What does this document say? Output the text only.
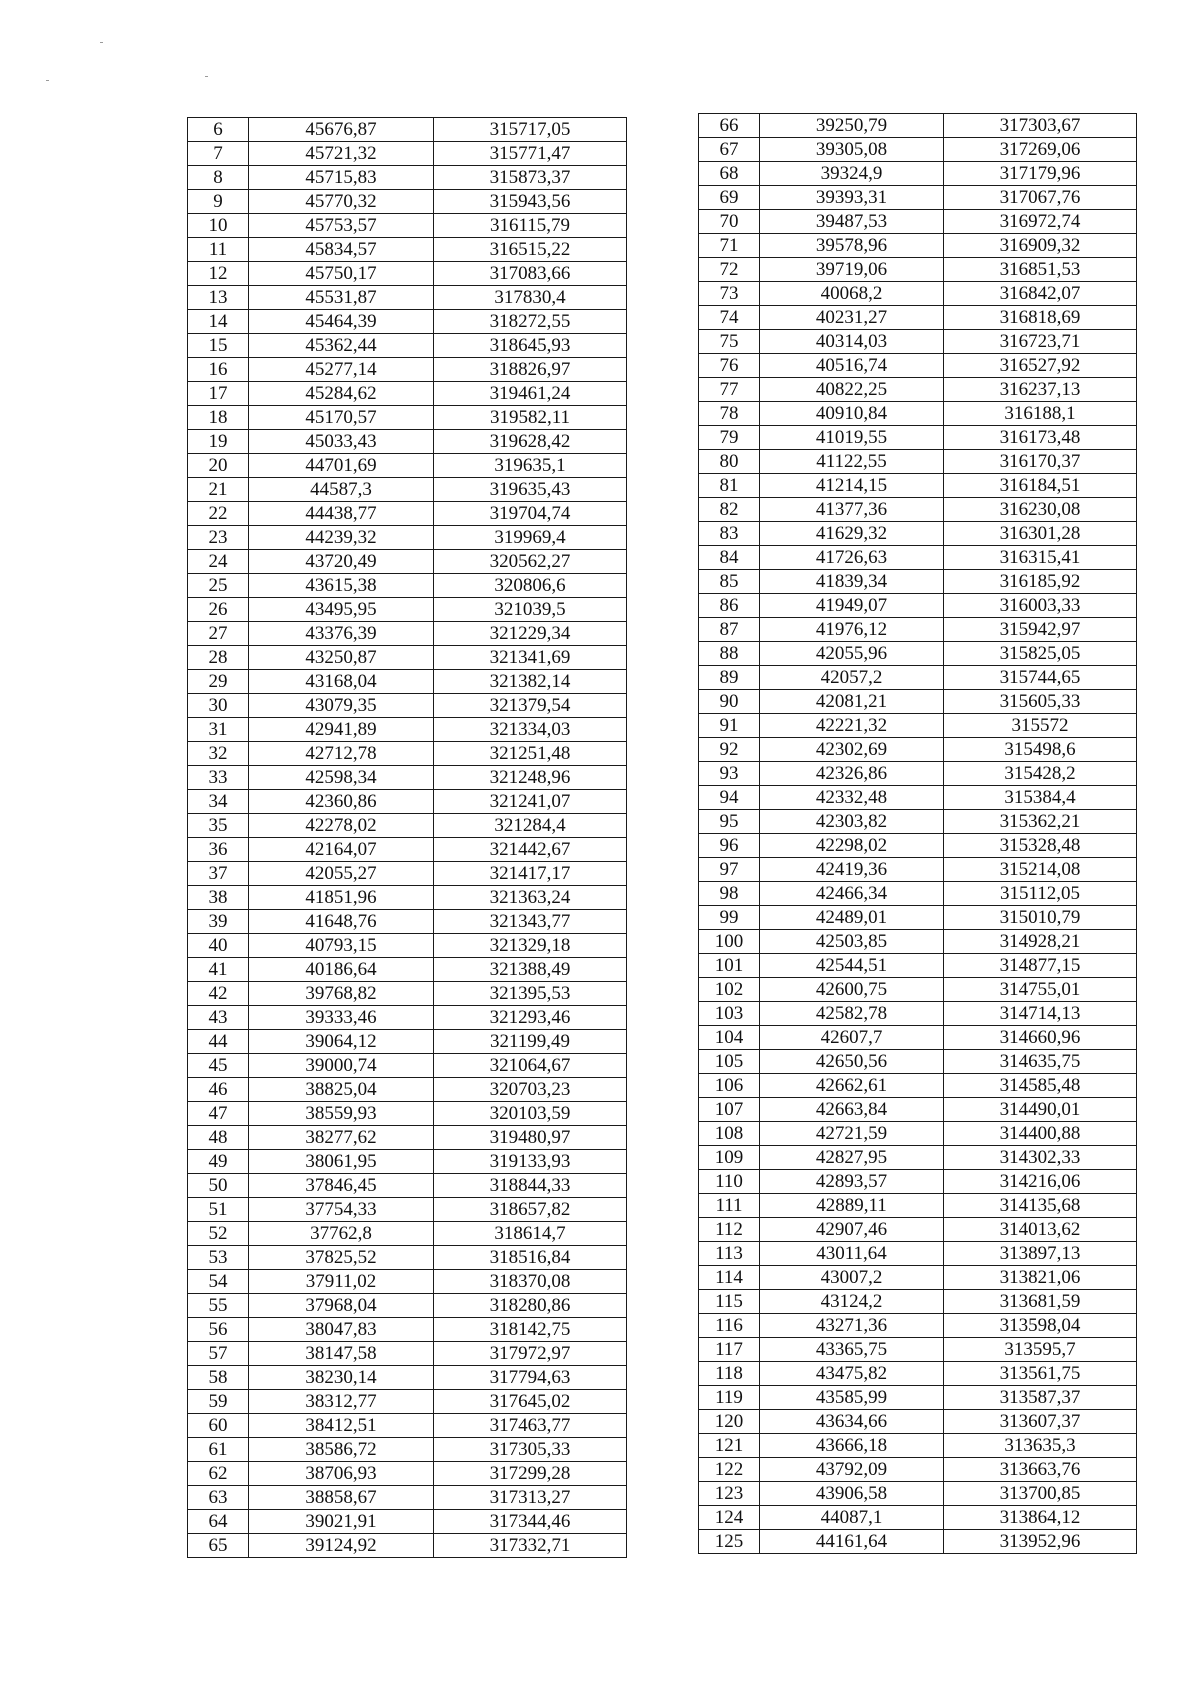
6	45676,87	315717,05
7	45721,32	315771,47
8	45715,83	315873,37
9	45770,32	315943,56
10	45753,57	316115,79
11	45834,57	316515,22
12	45750,17	317083,66
13	45531,87	317830,4
14	45464,39	318272,55
15	45362,44	318645,93
16	45277,14	318826,97
17	45284,62	319461,24
18	45170,57	319582,11
19	45033,43	319628,42
20	44701,69	319635,1
21	44587,3	319635,43
22	44438,77	319704,74
23	44239,32	319969,4
24	43720,49	320562,27
25	43615,38	320806,6
26	43495,95	321039,5
27	43376,39	321229,34
28	43250,87	321341,69
29	43168,04	321382,14
30	43079,35	321379,54
31	42941,89	321334,03
32	42712,78	321251,48
33	42598,34	321248,96
34	42360,86	321241,07
35	42278,02	321284,4
36	42164,07	321442,67
37	42055,27	321417,17
38	41851,96	321363,24
39	41648,76	321343,77
40	40793,15	321329,18
41	40186,64	321388,49
42	39768,82	321395,53
43	39333,46	321293,46
44	39064,12	321199,49
45	39000,74	321064,67
46	38825,04	320703,23
47	38559,93	320103,59
48	38277,62	319480,97
49	38061,95	319133,93
50	37846,45	318844,33
51	37754,33	318657,82
52	37762,8	318614,7
53	37825,52	318516,84
54	37911,02	318370,08
55	37968,04	318280,86
56	38047,83	318142,75
57	38147,58	317972,97
58	38230,14	317794,63
59	38312,77	317645,02
60	38412,51	317463,77
61	38586,72	317305,33
62	38706,93	317299,28
63	38858,67	317313,27
64	39021,91	317344,46
65	39124,92	317332,71
66	39250,79	317303,67
67	39305,08	317269,06
68	39324,9	317179,96
69	39393,31	317067,76
70	39487,53	316972,74
71	39578,96	316909,32
72	39719,06	316851,53
73	40068,2	316842,07
74	40231,27	316818,69
75	40314,03	316723,71
76	40516,74	316527,92
77	40822,25	316237,13
78	40910,84	316188,1
79	41019,55	316173,48
80	41122,55	316170,37
81	41214,15	316184,51
82	41377,36	316230,08
83	41629,32	316301,28
84	41726,63	316315,41
85	41839,34	316185,92
86	41949,07	316003,33
87	41976,12	315942,97
88	42055,96	315825,05
89	42057,2	315744,65
90	42081,21	315605,33
91	42221,32	315572
92	42302,69	315498,6
93	42326,86	315428,2
94	42332,48	315384,4
95	42303,82	315362,21
96	42298,02	315328,48
97	42419,36	315214,08
98	42466,34	315112,05
99	42489,01	315010,79
100	42503,85	314928,21
101	42544,51	314877,15
102	42600,75	314755,01
103	42582,78	314714,13
104	42607,7	314660,96
105	42650,56	314635,75
106	42662,61	314585,48
107	42663,84	314490,01
108	42721,59	314400,88
109	42827,95	314302,33
110	42893,57	314216,06
111	42889,11	314135,68
112	42907,46	314013,62
113	43011,64	313897,13
114	43007,2	313821,06
115	43124,2	313681,59
116	43271,36	313598,04
117	43365,75	313595,7
118	43475,82	313561,75
119	43585,99	313587,37
120	43634,66	313607,37
121	43666,18	313635,3
122	43792,09	313663,76
123	43906,58	313700,85
124	44087,1	313864,12
125	44161,64	313952,96
